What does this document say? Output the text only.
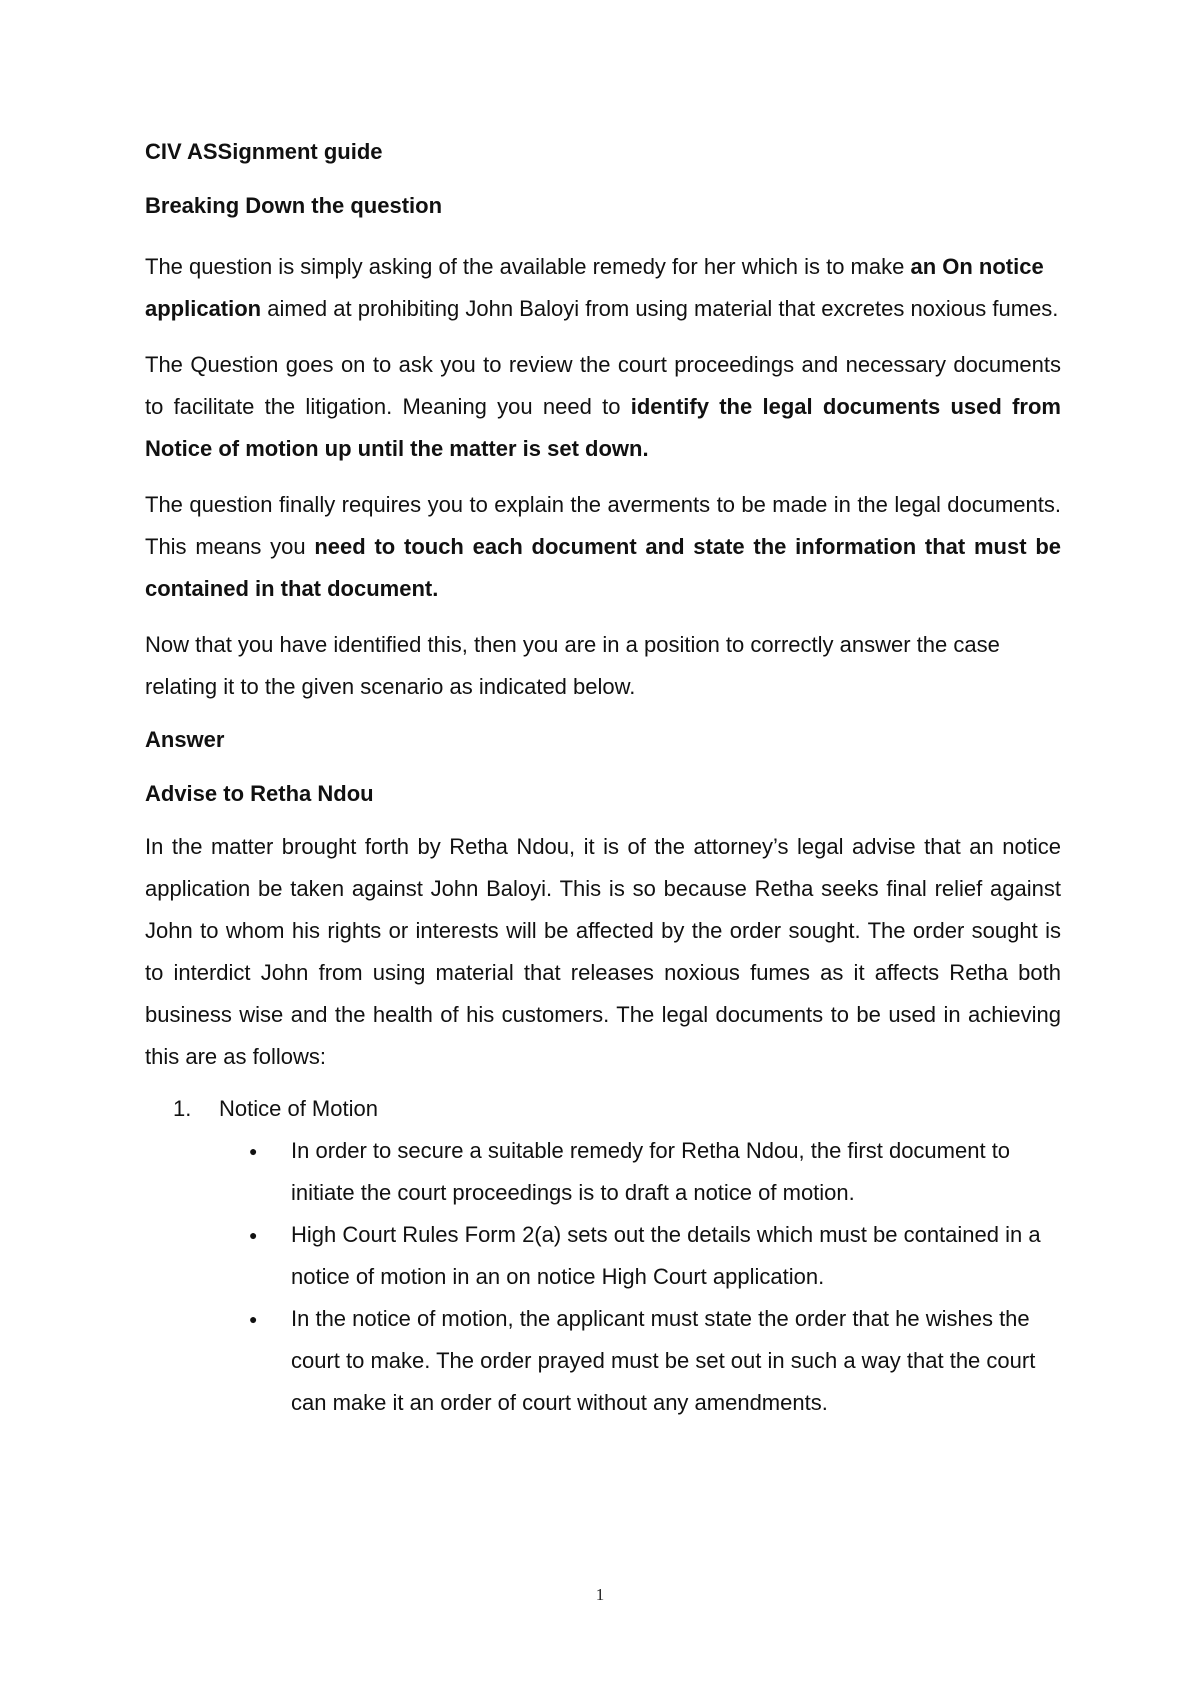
CIV ASSignment guide

Breaking Down the question

The question is simply asking of the available remedy for her which is to make an On notice application aimed at prohibiting John Baloyi from using material that excretes noxious fumes.

The Question goes on to ask you to review the court proceedings and necessary documents to facilitate the litigation. Meaning you need to identify the legal documents used from Notice of motion up until the matter is set down.

The question finally requires you to explain the averments to be made in the legal documents. This means you need to touch each document and state the information that must be contained in that document.

Now that you have identified this, then you are in a position to correctly answer the case relating it to the given scenario as indicated below.

Answer

Advise to Retha Ndou

In the matter brought forth by Retha Ndou, it is of the attorney’s legal advise that an notice application be taken against John Baloyi. This is so because Retha seeks final relief against John to whom his rights or interests will be affected by the order sought. The order sought is to interdict John from using material that releases noxious fumes as it affects Retha both business wise and the health of his customers. The legal documents to be used in achieving this are as follows:

1.	Notice of Motion
●	In order to secure a suitable remedy for Retha Ndou, the first document to initiate the court proceedings is to draft a notice of motion.
●	High Court Rules Form 2(a) sets out the details which must be contained in a notice of motion in an on notice High Court application.
●	In the notice of motion, the applicant must state the order that he wishes the court to make. The order prayed must be set out in such a way that the court can make it an order of court without any amendments.
1
